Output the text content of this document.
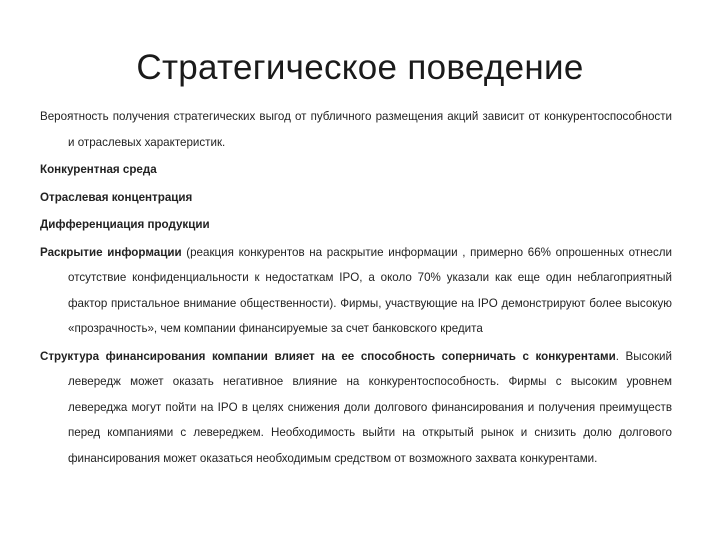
Стратегическое поведение

Вероятность получения стратегических выгод от публичного размещения акций зависит от конкурентоспособности и отраслевых характеристик.

Конкурентная среда

Отраслевая концентрация

Дифференциация продукции

Раскрытие информации (реакция конкурентов на раскрытие информации , примерно 66% опрошенных отнесли отсутствие конфиденциальности к недостаткам IPO, а около 70% указали как еще один неблагоприятный фактор пристальное внимание общественности). Фирмы, участвующие на IPO демонстрируют более высокую «прозрачность», чем компании финансируемые за счет банковского кредита

Структура финансирования компании влияет на ее способность соперничать с конкурентами. Высокий левередж может оказать негативное влияние на конкурентоспособность. Фирмы с высоким уровнем левереджа могут пойти на IPO в целях снижения доли долгового финансирования и получения преимуществ перед компаниями с левереджем. Необходимость выйти на открытый рынок и снизить долю долгового финансирования может оказаться необходимым средством от возможного захвата конкурентами.
